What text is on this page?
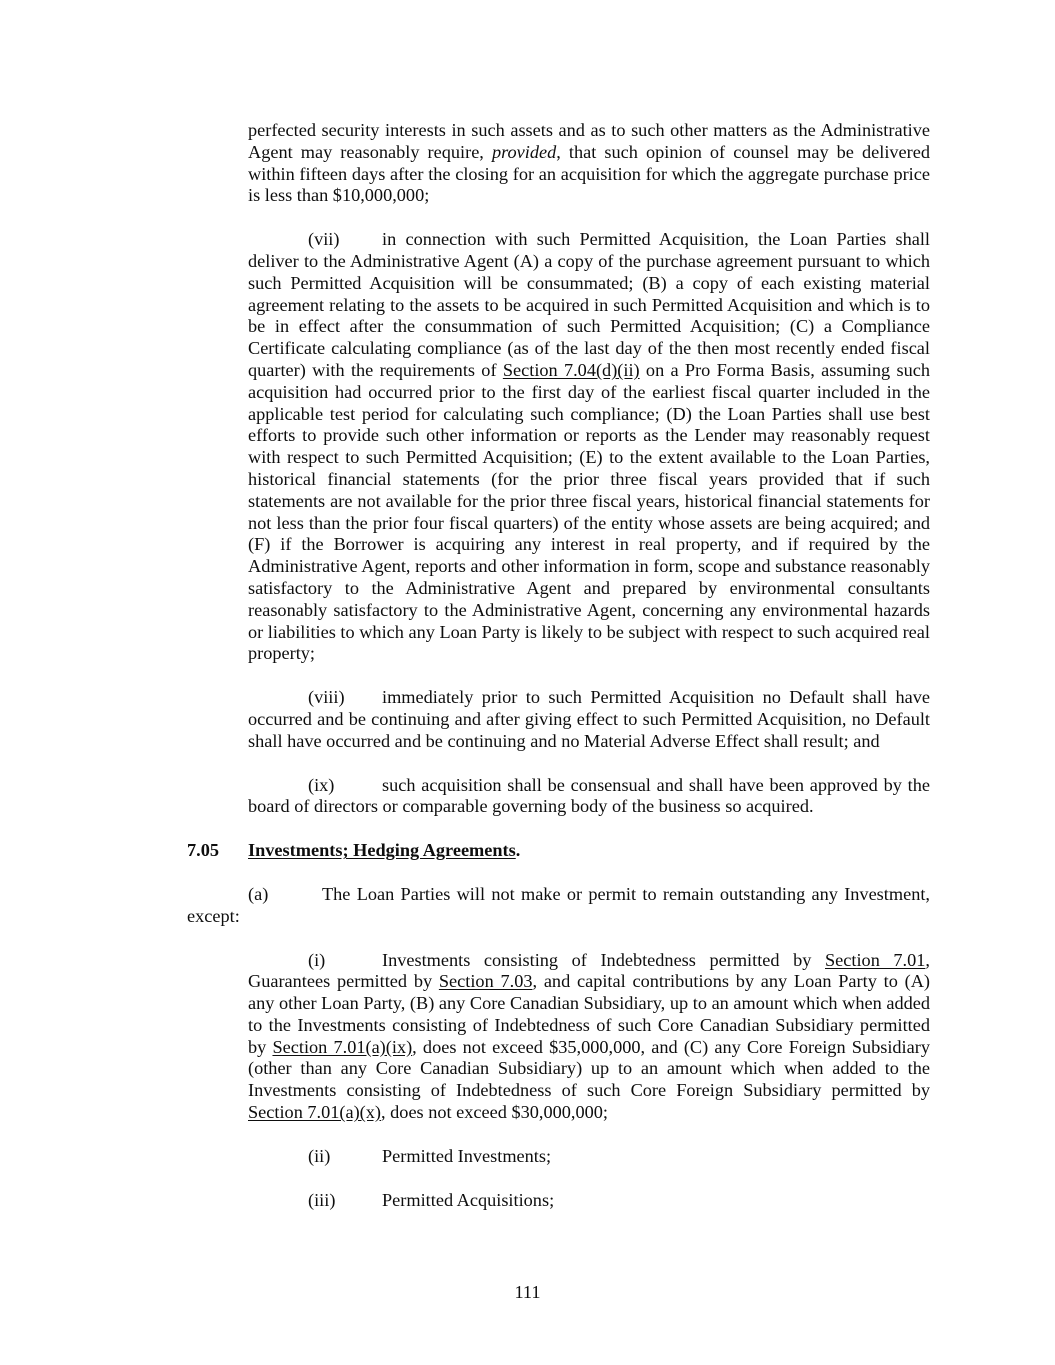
perfected security interests in such assets and as to such other matters as the Administrative Agent may reasonably require, provided, that such opinion of counsel may be delivered within fifteen days after the closing for an acquisition for which the aggregate purchase price is less than $10,000,000;
(vii) in connection with such Permitted Acquisition, the Loan Parties shall deliver to the Administrative Agent (A) a copy of the purchase agreement pursuant to which such Permitted Acquisition will be consummated; (B) a copy of each existing material agreement relating to the assets to be acquired in such Permitted Acquisition and which is to be in effect after the consummation of such Permitted Acquisition; (C) a Compliance Certificate calculating compliance (as of the last day of the then most recently ended fiscal quarter) with the requirements of Section 7.04(d)(ii) on a Pro Forma Basis, assuming such acquisition had occurred prior to the first day of the earliest fiscal quarter included in the applicable test period for calculating such compliance; (D) the Loan Parties shall use best efforts to provide such other information or reports as the Lender may reasonably request with respect to such Permitted Acquisition; (E) to the extent available to the Loan Parties, historical financial statements (for the prior three fiscal years provided that if such statements are not available for the prior three fiscal years, historical financial statements for not less than the prior four fiscal quarters) of the entity whose assets are being acquired; and (F) if the Borrower is acquiring any interest in real property, and if required by the Administrative Agent, reports and other information in form, scope and substance reasonably satisfactory to the Administrative Agent and prepared by environmental consultants reasonably satisfactory to the Administrative Agent, concerning any environmental hazards or liabilities to which any Loan Party is likely to be subject with respect to such acquired real property;
(viii) immediately prior to such Permitted Acquisition no Default shall have occurred and be continuing and after giving effect to such Permitted Acquisition, no Default shall have occurred and be continuing and no Material Adverse Effect shall result; and
(ix)	such acquisition shall be consensual and shall have been approved by the board of directors or comparable governing body of the business so acquired.
7.05 Investments; Hedging Agreements.
(a)	The Loan Parties will not make or permit to remain outstanding any Investment, except:
(i)	Investments consisting of Indebtedness permitted by Section 7.01, Guarantees permitted by Section 7.03, and capital contributions by any Loan Party to (A) any other Loan Party, (B) any Core Canadian Subsidiary, up to an amount which when added to the Investments consisting of Indebtedness of such Core Canadian Subsidiary permitted by Section 7.01(a)(ix), does not exceed $35,000,000, and (C) any Core Foreign Subsidiary (other than any Core Canadian Subsidiary) up to an amount which when added to the Investments consisting of Indebtedness of such Core Foreign Subsidiary permitted by Section 7.01(a)(x), does not exceed $30,000,000;
(ii)	Permitted Investments;
(iii)	Permitted Acquisitions;
111
